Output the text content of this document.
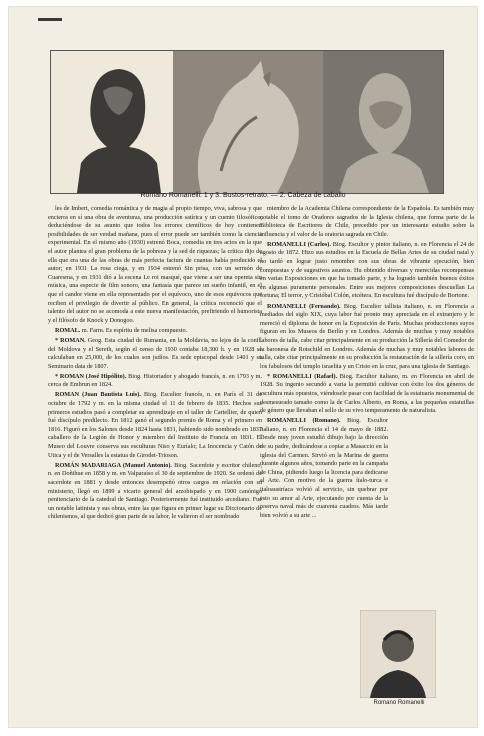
Romano Romanelli: 1 y 3. Bustos-retrato. — 2. Cabeza de caballo

les de Imbert, comedia romántica y de magia al propio tiempo, viva, sabrosa y que encierra en sí una obra de aventuras, una producción satírica y un cuento filosófico, deduciéndose de su asunto que todos los errores científicos de hoy contienen posibilidades de ser verdad mañana, pues el error puede ser también como la ciencia experimental. En el mismo año (1930) estrenó Boca, comedia en tres actos en la que el autor plantea el gran problema de la pobreza y la sed de riquezas; la crítica dijo de ella que era una de las obras de más perfecta factura de cuantas había producido el autor; en 1931 La rosa ciega, y en 1934 estrenó Sin prisa, con un sermón de Cuaresma, y en 1931 dió a la escena Le roi masqué, que viene a ser una opereta sin música, una especie de film sonoro, una fantasía que parece un sueño infantil, en el que el candor viene en ella representado por el equívoco, uno de esos equívocos que reciben el privilegio de divertir al público. En general, la crítica reconoció que el talento del autor no se acomoda a este nueva manifestación, prefiriendo el humorista y el filósofo de Knock y Donogoo.

ROMAL. m. Farm. Es espíritu de melisa compuesto.

* ROMAN. Geog. Esta ciudad de Rumania, en la Moldavia, no lejos de la confl. del Moldova y el Sereth, según el censo de 1930 contaba 18,300 h. y en 1928 se calculaban en 25,000, de los cuales son judíos. Es sede episcopal desde 1401 y su Seminario data de 1807.

* ROMAN (José Hipólito). Biog. Historiador y abogado francés, n. en 1793 y m. cerca de Embrun en 1824.

ROMAN (Juan Bautista Luis). Biog. Escultor francés, n. en París el 31 de octubre de 1792 y m. en la misma ciudad el 11 de febrero de 1835. Hechos sus primeros estudios pasó a completar su aprendizaje en el taller de Cartellier, de quien fué discípulo predilecto. En 1812 ganó el segundo premio de Roma y el primero en 1816. Figuró en los Salones desde 1824 hasta 1831, habiendo sido nombrado en 1837 caballero de la Legión de Honor y miembro del Instituto de Francia en 1831. El Museo del Louvre conserva sus esculturas Niso y Euríalo; La Inocencia y Catón de Utica y el de Versalles la estatua de Girodet-Trioson.

ROMÁN MADARIAGA (Manuel Antonio). Biog. Sacerdote y escritor chileno, n. en Doñihue en 1858 y m. en Valparaíso el 30 de septiembre de 1920. Se ordenó de sacerdote en 1881 y desde entonces desempeñó otros cargos en relación con su ministerio, llegó en 1899 a vicario general del arzobispado y en 1900 canónigo penitenciario de la catedral de Santiago. Posteriormente fué instituido arcediano. Fué un notable latinista y sus obras, entre las que figura en primer lugar su Diccionario de chilenismos, al que dedicó gran parte de su labor, le valieron el ser nombrado

miembro de la Academia Chilena correspondiente de la Española. Es también muy notable el tomo de Oradores sagrados de la Iglesia chilena, que forma parte de la Biblioteca de Escritores de Chile, precedido por un interesante estudio sobre la influencia y el valor de la oratoria sagrada en Chile.

ROMANELLI (Carlos). Biog. Escultor y pintor italiano, n. en Florencia el 24 de agosto de 1872. Hizo sus estudios en la Escuela de Bellas Artes de su ciudad natal y no tardó en lograr justo renombre con sus obras de vibrante ejecución, bien compuestas y de sugestivos asuntos. Hu obtenido diversas y merecidas recompensas en varias Exposiciones en que ha tomado parte, y ha logrado también buenos éxitos en algunas puramente personales. Entre sus mejores composiciones descuellan La fortuna; El terror, y Cristóbal Colón, etcétera. En escultura fué discípulo de Bortone.

ROMANELLI (Fernando). Biog. Escultor tallista italiano, n. en Florencia a mediados del siglo XIX, cuya labor fué pronto muy apreciada en el extranjero y le mereció el diploma de honor en la Exposición de París. Muchas producciones suyos figuran en los Museos de Berlín y en Londres. Además de muchas y muy notables labores de talla, cabe citar principalmente en su producción la Sillería del Comedor de la baronesa de Rotschild en Londres. Además de muchas y muy notables labores de talla, cabe citar principalmente en su producción la restauración de la sillería coro, en los fabulosos del templo israelita y un Cristo en la cruz, para una iglesia de Santiago.

* ROMANELLI (Rafael). Biog. Escultor italiano, m. en Florencia en abril de 1928. Su ingenio secundó a varia la permitió cultivar con éxito los dos géneros de escultura más opuestos, viéndosele pasar con facilidad de la estatuaria monumental de desmesurado tamaño como la de Carlos Alberto, en Roma, a las pequeñas estatuillas de género que llevaban el sello de su vivo temperamento de naturalista.

ROMANELLI (Romano). Biog. Escultor italiano, n. en Florencia el 14 de mayo de 1882. Desde muy joven estudió dibujo bajo la dirección de su padre, dedicándose a copiar a Masaccio en la iglesia del Carmen. Sirvió en la Marina de guerra durante algunos años, tomando parte en la campaña de China, pidiendo luego la licencia para dedicarse al Arte. Con motivo de la guerra ítalo-turca e italoaustríaca volvió al servicio, sin quebrar por esto su amor al Arte, ejecutando por cuenta de la reserva naval más de cuarenta cuadros. Más tarde bien volvió a su arte ...

Romano Romanelli
